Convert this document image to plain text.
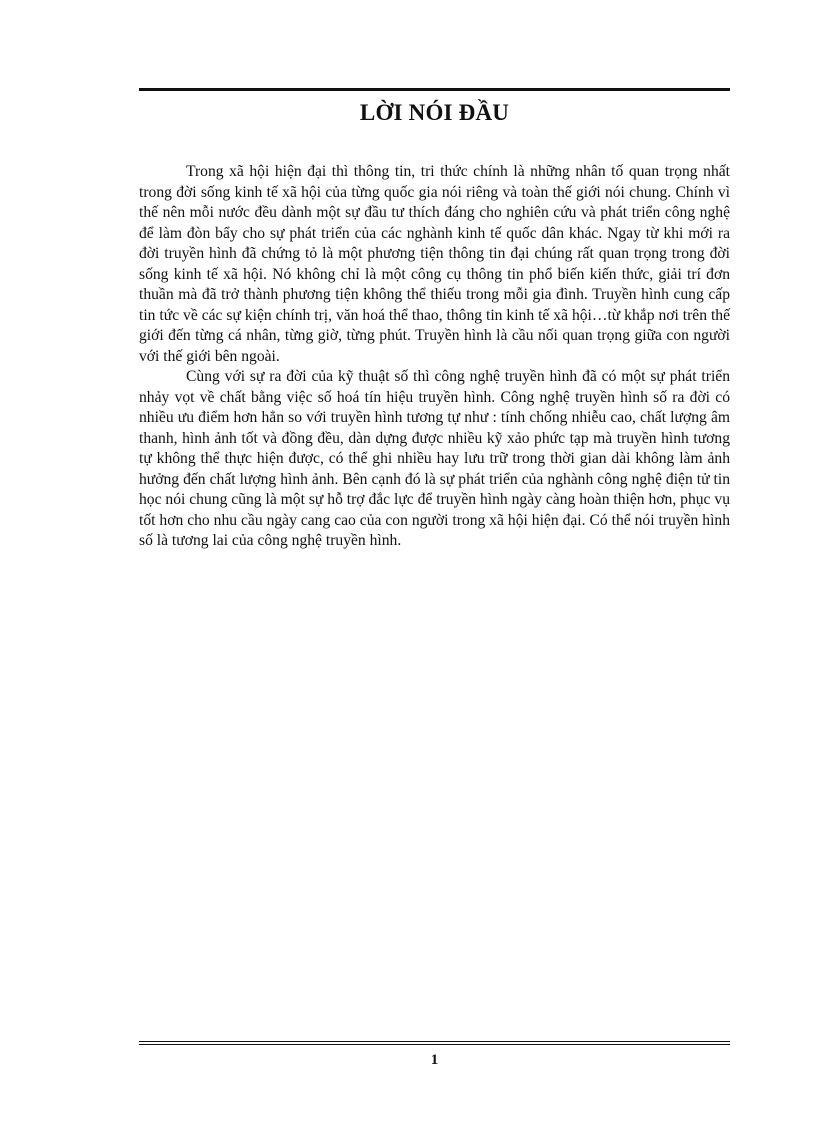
LỜI NÓI ĐẦU

Trong xã hội hiện đại thì thông tin, tri thức chính là những nhân tố quan trọng nhất trong đời sống kinh tế xã hội của từng quốc gia nói riêng và toàn thế giới nói chung. Chính vì thế nên mỗi nước đều dành một sự đầu tư thích đáng cho nghiên cứu và phát triển công nghệ để làm đòn bẩy cho sự phát triển của các nghành kinh tế quốc dân khác. Ngay từ khi mới ra đời truyền hình đã chứng tỏ là một phương tiện thông tin đại chúng rất quan trọng trong đời sống kinh tế xã hội. Nó không chỉ là một công cụ thông tin phổ biến kiến thức, giải trí đơn thuần mà đã trở thành phương tiện không thể thiếu trong mỗi gia đình. Truyền hình cung cấp tin tức về các sự kiện chính trị, văn hoá thể thao, thông tin kinh tế xã hội…từ khắp nơi trên thế giới đến từng cá nhân, từng giờ, từng phút. Truyền hình là cầu nối quan trọng giữa con người với thế giới bên ngoài.

Cùng với sự ra đời của kỹ thuật số thì công nghệ truyền hình đã có một sự phát triển nhảy vọt về chất bằng việc số hoá tín hiệu truyền hình. Công nghệ truyền hình số ra đời có nhiều ưu điểm hơn hẳn so với truyền hình tương tự như : tính chống nhiễu cao, chất lượng âm thanh, hình ảnh tốt và đồng đều, dàn dựng được nhiều kỹ xảo phức tạp mà truyền hình tương tự không thể thực hiện được, có thể ghi nhiều hay lưu trữ trong thời gian dài không làm ảnh hưởng đến chất lượng hình ảnh. Bên cạnh đó là sự phát triển của nghành công nghệ điện tử tin học nói chung cũng là một sự hỗ trợ đắc lực để truyền hình ngày càng hoàn thiện hơn, phục vụ tốt hơn cho nhu cầu ngày cang cao của con người trong xã hội hiện đại. Có thể nói truyền hình số là tương lai của công nghệ truyền hình.

1
